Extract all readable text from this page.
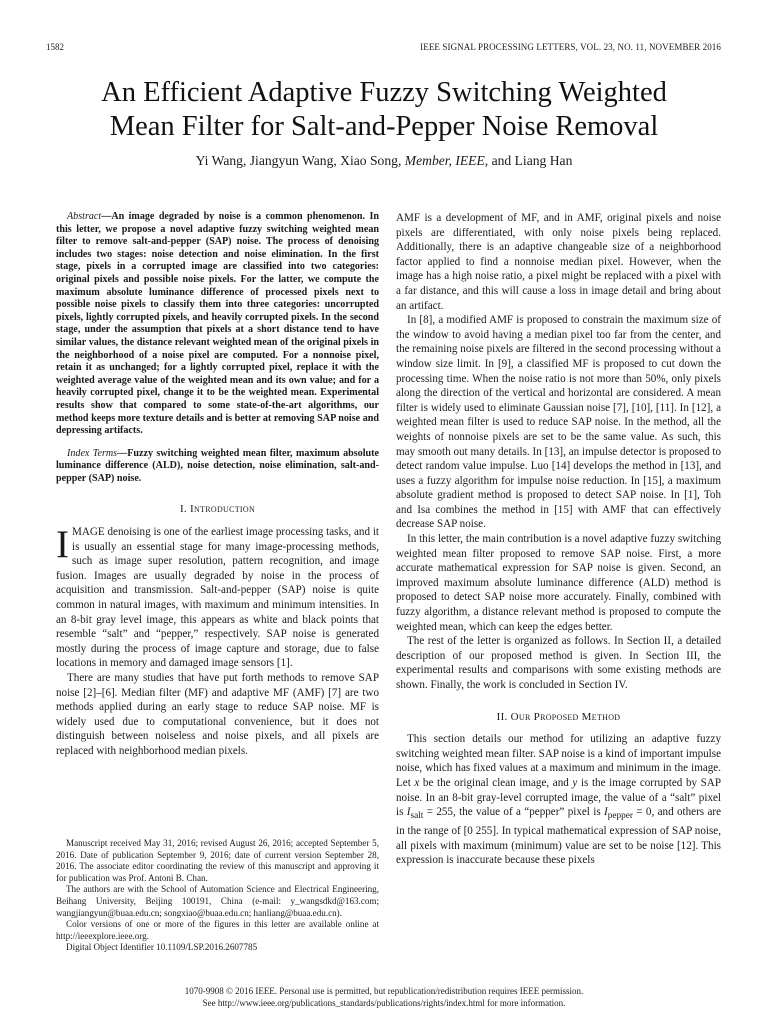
1582	IEEE SIGNAL PROCESSING LETTERS, VOL. 23, NO. 11, NOVEMBER 2016
An Efficient Adaptive Fuzzy Switching Weighted
Mean Filter for Salt-and-Pepper Noise Removal
Yi Wang, Jiangyun Wang, Xiao Song, Member, IEEE, and Liang Han

Abstract—An image degraded by noise is a common phenomenon. In this letter, we propose a novel adaptive fuzzy switching weighted mean filter to remove salt-and-pepper (SAP) noise. The process of denoising includes two stages: noise detection and noise elimination. In the first stage, pixels in a corrupted image are classified into two categories: original pixels and possible noise pixels. For the latter, we compute the maximum absolute luminance difference of processed pixels next to possible noise pixels to classify them into three categories: uncorrupted pixels, lightly corrupted pixels, and heavily corrupted pixels. In the second stage, under the assumption that pixels at a short distance tend to have similar values, the distance relevant weighted mean of the original pixels in the neighborhood of a noise pixel are computed. For a nonnoise pixel, retain it as unchanged; for a lightly corrupted pixel, replace it with the weighted average value of the weighted mean and its own value; and for a heavily corrupted pixel, change it to be the weighted mean. Experimental results show that compared to some state-of-the-art algorithms, our method keeps more texture details and is better at removing SAP noise and depressing artifacts.

Index Terms—Fuzzy switching weighted mean filter, maximum absolute luminance difference (ALD), noise detection, noise elimination, salt-and-pepper (SAP) noise.

I. Introduction

IMAGE denoising is one of the earliest image processing tasks, and it is usually an essential stage for many image-processing methods, such as image super resolution, pattern recognition, and image fusion. Images are usually degraded by noise in the process of acquisition and transmission. Salt-and-pepper (SAP) noise is quite common in natural images, with maximum and minimum intensities. In an 8-bit gray level image, this appears as white and black points that resemble “salt” and “pepper,” respectively. SAP noise is generated mostly during the process of image capture and storage, due to false locations in memory and damaged image sensors [1].

There are many studies that have put forth methods to remove SAP noise [2]–[6]. Median filter (MF) and adaptive MF (AMF) [7] are two methods applied during an early stage to reduce SAP noise. MF is widely used due to computational convenience, but it does not distinguish between noiseless and noise pixels, and all pixels are replaced with neighborhood median pixels.

Manuscript received May 31, 2016; revised August 26, 2016; accepted September 5, 2016. Date of publication September 9, 2016; date of current version September 28, 2016. The associate editor coordinating the review of this manuscript and approving it for publication was Prof. Antoni B. Chan.

The authors are with the School of Automation Science and Electrical Engineering, Beihang University, Beijing 100191, China (e-mail: y_wangsdkd@163.com; wangjiangyun@buaa.edu.cn; songxiao@buaa.edu.cn; hanliang@buaa.edu.cn).

Color versions of one or more of the figures in this letter are available online at http://ieeexplore.ieee.org.

Digital Object Identifier 10.1109/LSP.2016.2607785

AMF is a development of MF, and in AMF, original pixels and noise pixels are differentiated, with only noise pixels being replaced. Additionally, there is an adaptive changeable size of a neighborhood factor applied to find a nonnoise median pixel. However, when the image has a high noise ratio, a pixel might be replaced with a pixel with a far distance, and this will cause a loss in image detail and bring about an artifact.

In [8], a modified AMF is proposed to constrain the maximum size of the window to avoid having a median pixel too far from the center, and the remaining noise pixels are filtered in the second processing without a window size limit. In [9], a classified MF is proposed to cut down the processing time. When the noise ratio is not more than 50%, only pixels along the direction of the vertical and horizontal are considered. A mean filter is widely used to eliminate Gaussian noise [7], [10], [11]. In [12], a weighted mean filter is used to reduce SAP noise. In the method, all the weights of nonnoise pixels are set to be the same value. As such, this may smooth out many details. In [13], an impulse detector is proposed to detect random value impulse. Luo [14] develops the method in [13], and uses a fuzzy algorithm for impulse noise reduction. In [15], a maximum absolute gradient method is proposed to detect SAP noise. In [1], Toh and Isa combines the method in [15] with AMF that can effectively decrease SAP noise.

In this letter, the main contribution is a novel adaptive fuzzy switching weighted mean filter proposed to remove SAP noise. First, a more accurate mathematical expression for SAP noise is given. Second, an improved maximum absolute luminance difference (ALD) method is proposed to detect SAP noise more accurately. Finally, combined with fuzzy algorithm, a distance relevant method is proposed to compute the weighted mean, which can keep the edges better.

The rest of the letter is organized as follows. In Section II, a detailed description of our proposed method is given. In Section III, the experimental results and comparisons with some existing methods are shown. Finally, the work is concluded in Section IV.

II. Our Proposed Method

This section details our method for utilizing an adaptive fuzzy switching weighted mean filter. SAP noise is a kind of important impulse noise, which has fixed values at a maximum and minimum in the image. Let x be the original clean image, and y is the image corrupted by SAP noise. In an 8-bit gray-level corrupted image, the value of a “salt” pixel is $I_{salt} = 255$, the value of a “pepper” pixel is $I_{pepper} = 0$, and others are in the range of [0 255]. In typical mathematical expression of SAP noise, all pixels with maximum (minimum) value are set to be noise [12]. This expression is inaccurate because these pixels

1070-9908 © 2016 IEEE. Personal use is permitted, but republication/redistribution requires IEEE permission.
See http://www.ieee.org/publications_standards/publications/rights/index.html for more information.
